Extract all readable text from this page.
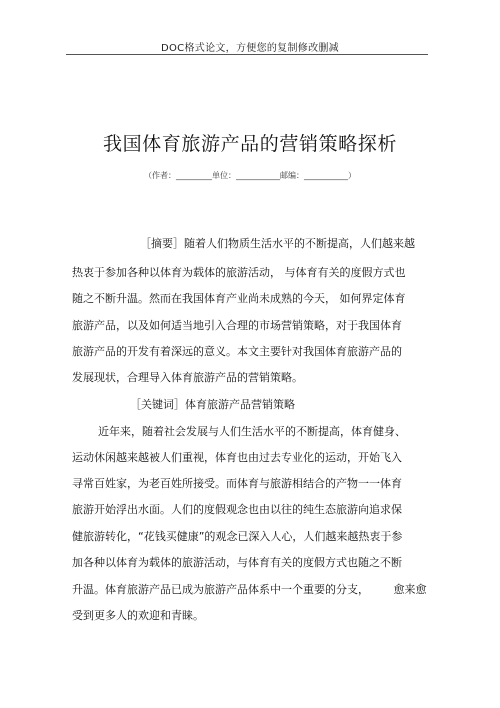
DOC格式论文，方便您的复制修改删减
我国体育旅游产品的营销策略探析
（作者：_________单位：___________邮编：___________）
［摘要］随着人们物质生活水平的不断提高，人们越来越
热衷于参加各种以体育为载体的旅游活动， 与体育有关的度假方式也
随之不断升温。然而在我国体育产业尚未成熟的今天， 如何界定体育
旅游产品，以及如何适当地引入合理的市场营销策略，对于我国体育
旅游产品的开发有着深远的意义。本文主要针对我国体育旅游产品的
发展现状，合理导入体育旅游产品的营销策略。
［关键词］体育旅游产品营销策略
近年来，随着社会发展与人们生活水平的不断提高，体育健身、
运动休闲越来越被人们重视，体育也由过去专业化的运动，开始飞入
寻常百姓家，为老百姓所接受。而体育与旅游相结合的产物一一体育
旅游开始浮出水面。人们的度假观念也由以往的纯生态旅游向追求保
健旅游转化，“花钱买健康”的观念已深入人心，人们越来越热衷于参
加各种以体育为载体的旅游活动，与体育有关的度假方式也随之不断
升温。体育旅游产品已成为旅游产品体系中一个重要的分支，       愈来愈
受到更多人的欢迎和青睐。
